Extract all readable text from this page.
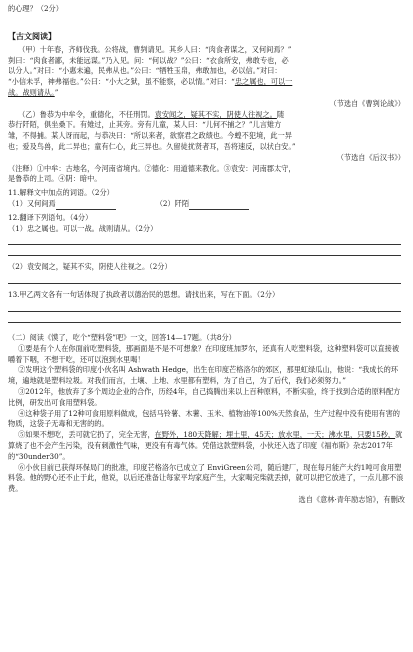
的心理？（2分）

【古文阅读】

（甲）十年春，齐师伐我。公将战，曹刿请见。其乡人曰：“肉食者谋之，又何间焉？”

刿曰：“肉食者鄙，未能远谋。”乃入见。问：“何以战？”公曰：“衣食所安，弗敢专也，必

以分人。”对曰：“小惠未遍，民弗从也。”公曰：“牺牲玉帛，弗敢加也，必以信。”对曰：

“小信未孚，神弗福也。”公曰：“小大之狱，虽不能察，必以情。”对曰：“忠之属也，可以一

战。战则请从。”

（节选自《曹刿论战》）

（乙）鲁恭为中牟令，重德化，不任刑罚。袁安闻之，疑其不实，阴使人往视之。随

恭行阡陌，俱坐桑下。有雉过，止其旁。旁有儿童，某人曰：“儿何不捕之？”儿言雉方

雏，不得捕。某人讶而起，与恭决曰：“所以来者，欲察君之政绩也。今蝗不犯境，此一异

也；爱及鸟兽，此二异也；童有仁心，此三异也。久留徒扰贤者耳，吾将速反，以状白安。”

（节选自《后汉书》）

（注释）①中牟：古地名，今河南省境内。②德化：用道德来教化。③袁安：河南郡太守，

是鲁恭的上司。④阴：暗中。

11.解释文中加点的词语。（2分）

（1）又何间焉	（2）阡陌

12.翻译下列语句。（4分）

（1）忠之属也。可以一战。战则请从。（2分）

（2）袁安闻之，疑其不实，阴使人往视之。（2分）

13.甲乙两文各有一句话体现了执政者以德治民的思想。请找出来，写在下面。（2分）

（二）阅读《馍了，吃个“塑料袋”吧》一文，回答14—17题。（共8分）

①要是有个人在你面前吃塑料袋，那画面是不是不可想象？在印度班加罗尔，还真有人吃塑料袋，这种塑料袋可以直接被嚼着下咽，不想干吃，还可以泡到水里喝！

②发明这个塑料袋的印度小伙名叫 Ashwath Hedge，出生在印度芒格洛尔的郊区，那里虹绿瓜山，他说：“我成长的环境，遍地就是塑料垃圾。对我们而言，土壤、上地、水里都有塑料，为了自己，为了后代，我们必须努力。”

③2012年，他放弃了多个周边企业的合作，历经4年，自己捣腾出来以上百种原料，不断实验，终于找到合适的原料配方比例，研发出可食用塑料袋。

④这种袋子用了12种可食用原料做成，包括马铃薯、木薯、玉米、植物油等100%天然食品，生产过程中没有使用有害的物质，这袋子无毒和无害的的。

⑤如果不想吃，丢可就它扔了，完全无害，在野外，180天降解；埋土里，45天；放水里，一天；沸水里，只要15秒，就算烧了也不会产生污染，没有刺激性气味，更没有有毒气体。凭借这款塑料袋，小伙还入选了印度《福布斯》杂志2017年的“30under30”。

⑥小伙目前已获得环保局门的批准，印度芒格洛尔已成立了 EnviGreen公司，随后建厂，现在每月能产大约1吨可食用塑料袋。他的野心还不止于此，他说，以后还准备让每家平均家庭产生，大家喝完柴就丢掉，就可以把它放进了，一点儿都不浪费。

选自《意林·青年励志馆》，有删改
